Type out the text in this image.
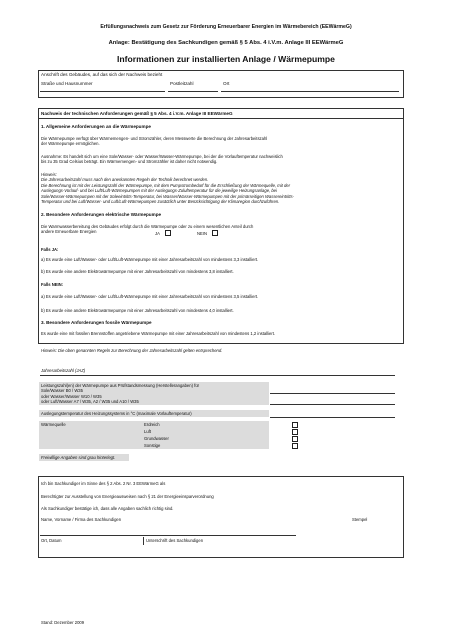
Erfüllungsnachweis zum Gesetz zur Förderung Erneuerbarer Energien im Wärmebereich (EEWärmeG)
Anlage: Bestätigung des Sachkundigen gemäß § 5 Abs. 4 i.V.m. Anlage III EEWärmeG
Informationen zur installierten Anlage / Wärmepumpe
Anschrift des Gebäudes, auf das sich der Nachweis bezieht
Straße und Hausnummer	Postleitzahl	Ort
Nachweis der technischen Anforderungen gemäß § 5 Abs. 4 i.V.m. Anlage III EEWärmeG
1. Allgemeine Anforderungen an die Wärmepumpe
Die Wärmepumpe verfügt über Wärmemengen- und Stromzähler, deren Messwerte die Berechnung der Jahresarbeitszahl
der Wärmepumpe ermöglichen.
Ausnahme: Es handelt sich um eine Sole/Wasser- oder Wasser/Wasser-Wärmepumpe, bei der die Vorlauftemperatur nachweislich
bis zu 35 Grad Celsius beträgt. Ein Wärmemengen- und Stromzähler ist daher nicht notwendig.
Hinweis:
Die Jahresarbeitszahl muss nach den anerkannten Regeln der Technik berechnet werden.
Die Berechnung ist mit der Leistungszahl der Wärmepumpe, mit dem Pumpstrombedarf für die Erschließung der Wärmequelle, mit der
Auslegungs-Vorlauf- und bei Luft/Luft-Wärmepumpen mit der Auslegungs-Zuluftemperatur für die jeweilige Heizungsanlage, bei
Sole/Wasser-Wärmepumpen mit der Soleeintritts-Temperatur, bei Wasser/Wasser-Wärmepumpen mit der primärseitigen Wassereintritts-
Temperatur und bei Luft/Wasser- und Luft/Luft-Wärmepumpen zusätzlich unter Berücksichtigung der Klimaregion durchzuführen.
2. Besondere Anforderungen elektrische Wärmepumpe
Die Warmwasserbereitung des Gebäudes erfolgt durch die Wärmepumpe oder zu einem wesentlichen Anteil durch
andere Erneuerbare Energien	JA	NEIN
Falls JA:
a) Es wurde eine Luft/Wasser- oder Luft/Luft-Wärmepumpe mit einer Jahresarbeitszahl von mindestens 3,3 installiert.
b) Es wurde eine andere Elektrowärmepumpe mit einer Jahresarbeitszahl von mindestens 3,8 installiert.
Falls NEIN:
a) Es wurde eine Luft/Wasser- oder Luft/Luft-Wärmepumpe mit einer Jahresarbeitszahl von mindestens 3,5 installiert.
b) Es wurde eine andere Elektrowärmepumpe mit einer Jahresarbeitszahl von mindestens 4,0 installiert.
3. Besondere Anforderungen fossile Wärmepumpe
Es wurde eine mit fossilen Brennstoffen angetriebene Wärmepumpe mit einer Jahresarbeitszahl von mindestens 1,2 installiert.
Hinweis: Die oben genannten Regeln zur Berechnung der Jahresarbeitszahl gelten entsprechend.
Jahresarbeitszahl (JAZ)
Leistungszahl(en) der Wärmepumpe aus Prüfstandsmessung (Herstellerangaben) für
Sole/Wasser B0 / W35
oder Wasser/Wasser W10 / W35
oder Luft/Wasser A7 / W35, A2 / W35 und A10 / W35
Auslegungstemperatur des Heizungssystems in °C (maximale Vorlauftemperatur)
Wärmequelle	Erdreich
Luft
Grundwasser
Sonstige
Freiwillige Angaben sind grau hinterlegt.
Ich bin Sachkundiger im Sinne des § 2 Abs. 2 Nr. 3 EEWärmeG als
Berechtigter zur Ausstellung von Energieausweisen nach § 21 der Energieeinsparverordnung
Als Sachkundiger bestätige ich, dass alle Angaben sachlich richtig sind.
Name, Vorname / Firma des Sachkundigen	Stempel
Ort, Datum	Unterschrift des Sachkundigen
Stand: Dezember 2009
